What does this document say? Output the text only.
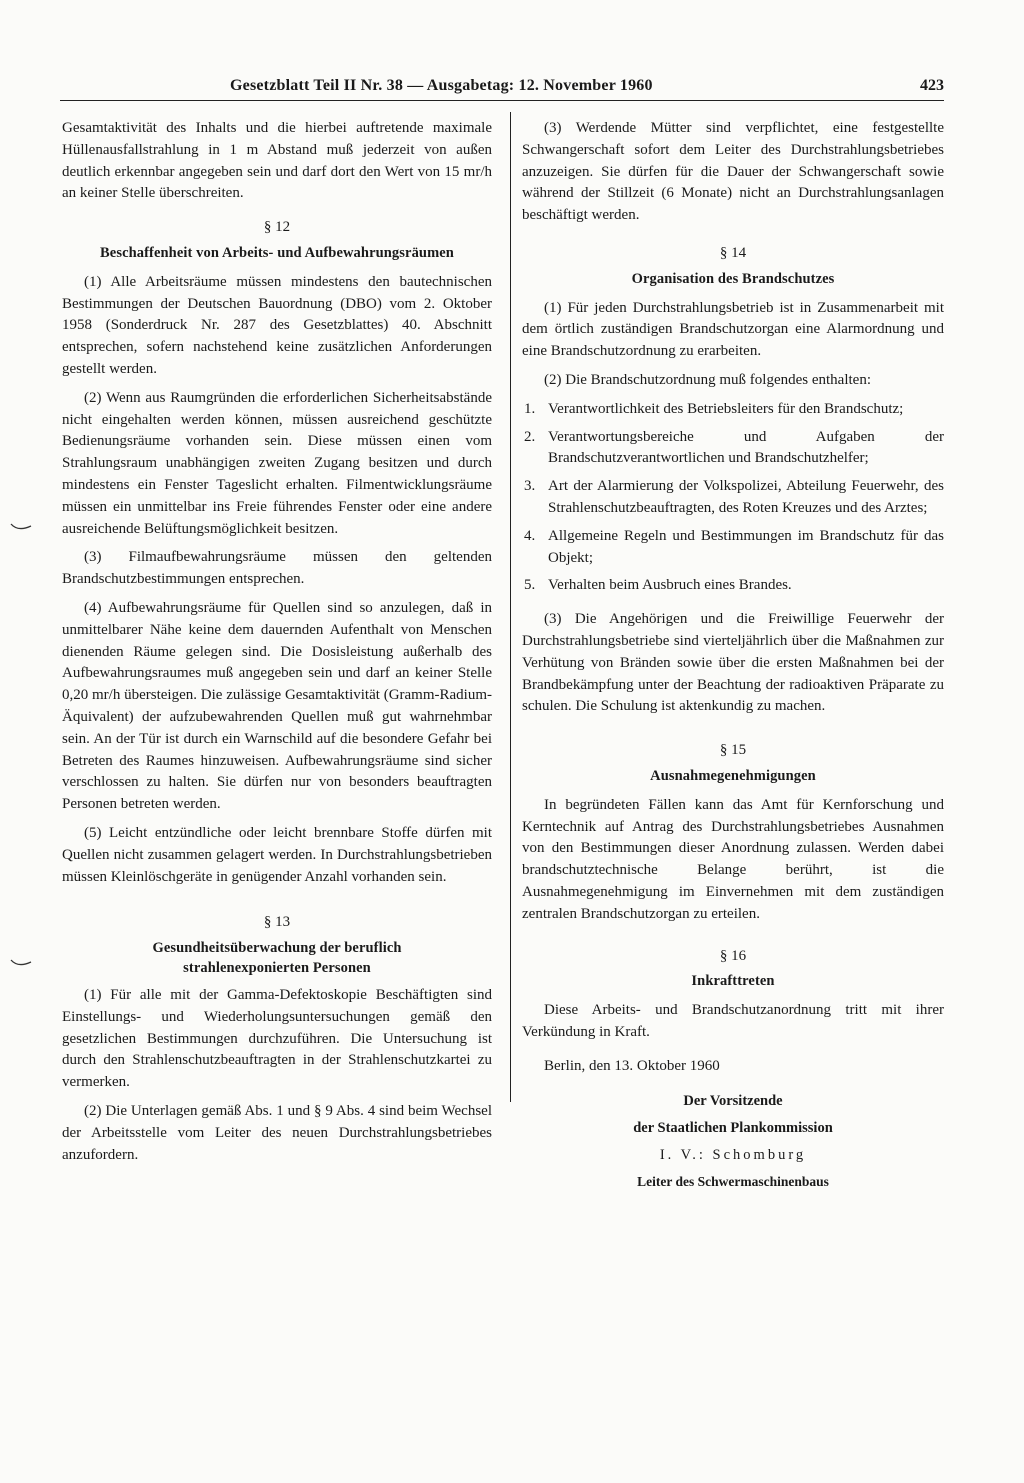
Gesetzblatt Teil II Nr. 38 — Ausgabetag: 12. November 1960	423

Gesamtaktivität des Inhalts und die hierbei auftretende maximale Hüllenausfallstrahlung in 1 m Abstand muß jederzeit von außen deutlich erkennbar angegeben sein und darf dort den Wert von 15 mr/h an keiner Stelle überschreiten.

§ 12
Beschaffenheit von Arbeits- und Aufbewahrungsräumen

(1) Alle Arbeitsräume müssen mindestens den bautechnischen Bestimmungen der Deutschen Bauordnung (DBO) vom 2. Oktober 1958 (Sonderdruck Nr. 287 des Gesetzblattes) 40. Abschnitt entsprechen, sofern nachstehend keine zusätzlichen Anforderungen gestellt werden.

(2) Wenn aus Raumgründen die erforderlichen Sicherheitsabstände nicht eingehalten werden können, müssen ausreichend geschützte Bedienungsräume vorhanden sein. Diese müssen einen vom Strahlungsraum unabhängigen zweiten Zugang besitzen und durch mindestens ein Fenster Tageslicht erhalten. Filmentwicklungsräume müssen ein unmittelbar ins Freie führendes Fenster oder eine andere ausreichende Belüftungsmöglichkeit besitzen.

(3) Filmaufbewahrungsräume müssen den geltenden Brandschutzbestimmungen entsprechen.

(4) Aufbewahrungsräume für Quellen sind so anzulegen, daß in unmittelbarer Nähe keine dem dauernden Aufenthalt von Menschen dienenden Räume gelegen sind. Die Dosisleistung außerhalb des Aufbewahrungsraumes muß angegeben sein und darf an keiner Stelle 0,20 mr/h übersteigen. Die zulässige Gesamtaktivität (Gramm-Radium-Äquivalent) der aufzubewahrenden Quellen muß gut wahrnehmbar sein. An der Tür ist durch ein Warnschild auf die besondere Gefahr bei Betreten des Raumes hinzuweisen. Aufbewahrungsräume sind sicher verschlossen zu halten. Sie dürfen nur von besonders beauftragten Personen betreten werden.

(5) Leicht entzündliche oder leicht brennbare Stoffe dürfen mit Quellen nicht zusammen gelagert werden. In Durchstrahlungsbetrieben müssen Kleinlöschgeräte in genügender Anzahl vorhanden sein.

§ 13
Gesundheitsüberwachung der beruflich
strahlenexponierten Personen

(1) Für alle mit der Gamma-Defektoskopie Beschäftigten sind Einstellungs- und Wiederholungsuntersuchungen gemäß den gesetzlichen Bestimmungen durchzuführen. Die Untersuchung ist durch den Strahlenschutzbeauftragten in der Strahlenschutzkartei zu vermerken.

(2) Die Unterlagen gemäß Abs. 1 und § 9 Abs. 4 sind beim Wechsel der Arbeitsstelle vom Leiter des neuen Durchstrahlungsbetriebes anzufordern.

(3) Werdende Mütter sind verpflichtet, eine festgestellte Schwangerschaft sofort dem Leiter des Durchstrahlungsbetriebes anzuzeigen. Sie dürfen für die Dauer der Schwangerschaft sowie während der Stillzeit (6 Monate) nicht an Durchstrahlungsanlagen beschäftigt werden.

§ 14
Organisation des Brandschutzes

(1) Für jeden Durchstrahlungsbetrieb ist in Zusammenarbeit mit dem örtlich zuständigen Brandschutzorgan eine Alarmordnung und eine Brandschutzordnung zu erarbeiten.

(2) Die Brandschutzordnung muß folgendes enthalten:

1. Verantwortlichkeit des Betriebsleiters für den Brandschutz;
2. Verantwortungsbereiche und Aufgaben der Brandschutzverantwortlichen und Brandschutzhelfer;
3. Art der Alarmierung der Volkspolizei, Abteilung Feuerwehr, des Strahlenschutzbeauftragten, des Roten Kreuzes und des Arztes;
4. Allgemeine Regeln und Bestimmungen im Brandschutz für das Objekt;
5. Verhalten beim Ausbruch eines Brandes.

(3) Die Angehörigen und die Freiwillige Feuerwehr der Durchstrahlungsbetriebe sind vierteljährlich über die Maßnahmen zur Verhütung von Bränden sowie über die ersten Maßnahmen bei der Brandbekämpfung unter der Beachtung der radioaktiven Präparate zu schulen. Die Schulung ist aktenkundig zu machen.

§ 15
Ausnahmegenehmigungen

In begründeten Fällen kann das Amt für Kernforschung und Kerntechnik auf Antrag des Durchstrahlungsbetriebes Ausnahmen von den Bestimmungen dieser Anordnung zulassen. Werden dabei brandschutztechnische Belange berührt, ist die Ausnahmegenehmigung im Einvernehmen mit dem zuständigen zentralen Brandschutzorgan zu erteilen.

§ 16
Inkrafttreten

Diese Arbeits- und Brandschutzanordnung tritt mit ihrer Verkündung in Kraft.

Berlin, den 13. Oktober 1960

Der Vorsitzende

der Staatlichen Plankommission

I. V.: Schomburg

Leiter des Schwermaschinenbaus
